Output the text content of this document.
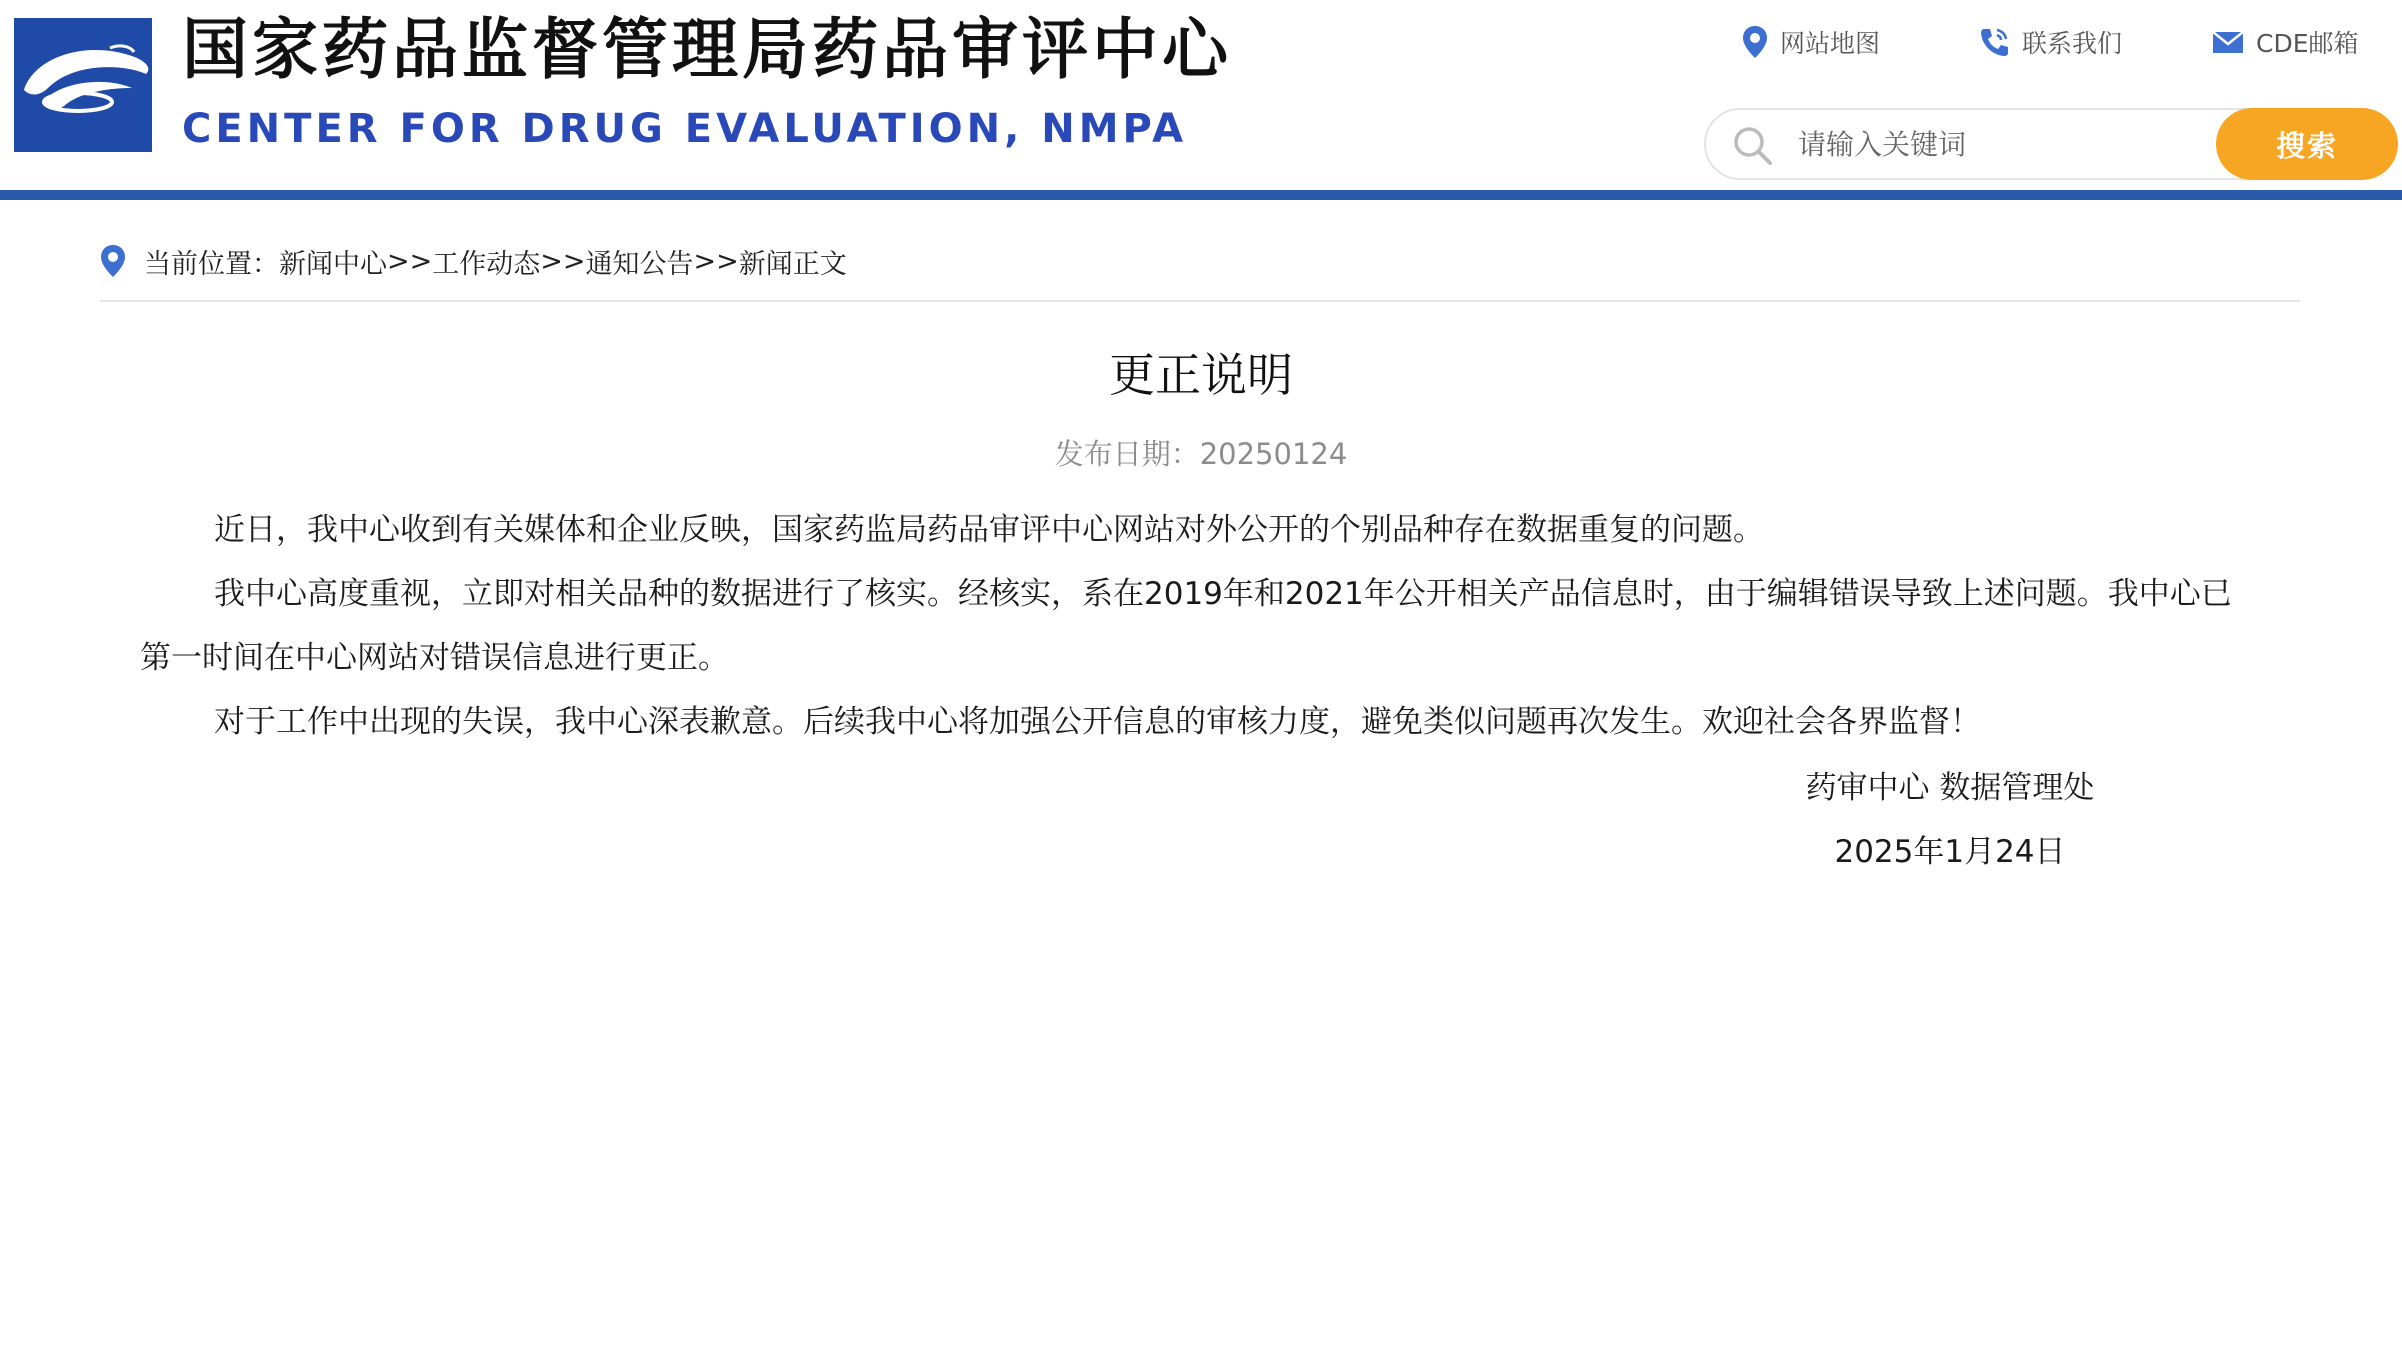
国家药品监督管理局药品审评中心
CENTER FOR DRUG EVALUATION, NMPA
网站地图	联系我们	CDE邮箱
请输入关键词
搜索
当前位置： 新闻中心 >> 工作动态 >> 通知公告 >> 新闻正文
更正说明
发布日期：20250124

近日，我中心收到有关媒体和企业反映，国家药监局药品审评中心网站对外公开的个别品种存在数据重复的问题。

我中心高度重视，立即对相关品种的数据进行了核实。经核实，系在2019年和2021年公开相关产品信息时，由于编辑错误导致上述问题。我中心已第一时间在中心网站对错误信息进行更正。

对于工作中出现的失误，我中心深表歉意。后续我中心将加强公开信息的审核力度，避免类似问题再次发生。欢迎社会各界监督！

药审中心 数据管理处
2025年1月24日
